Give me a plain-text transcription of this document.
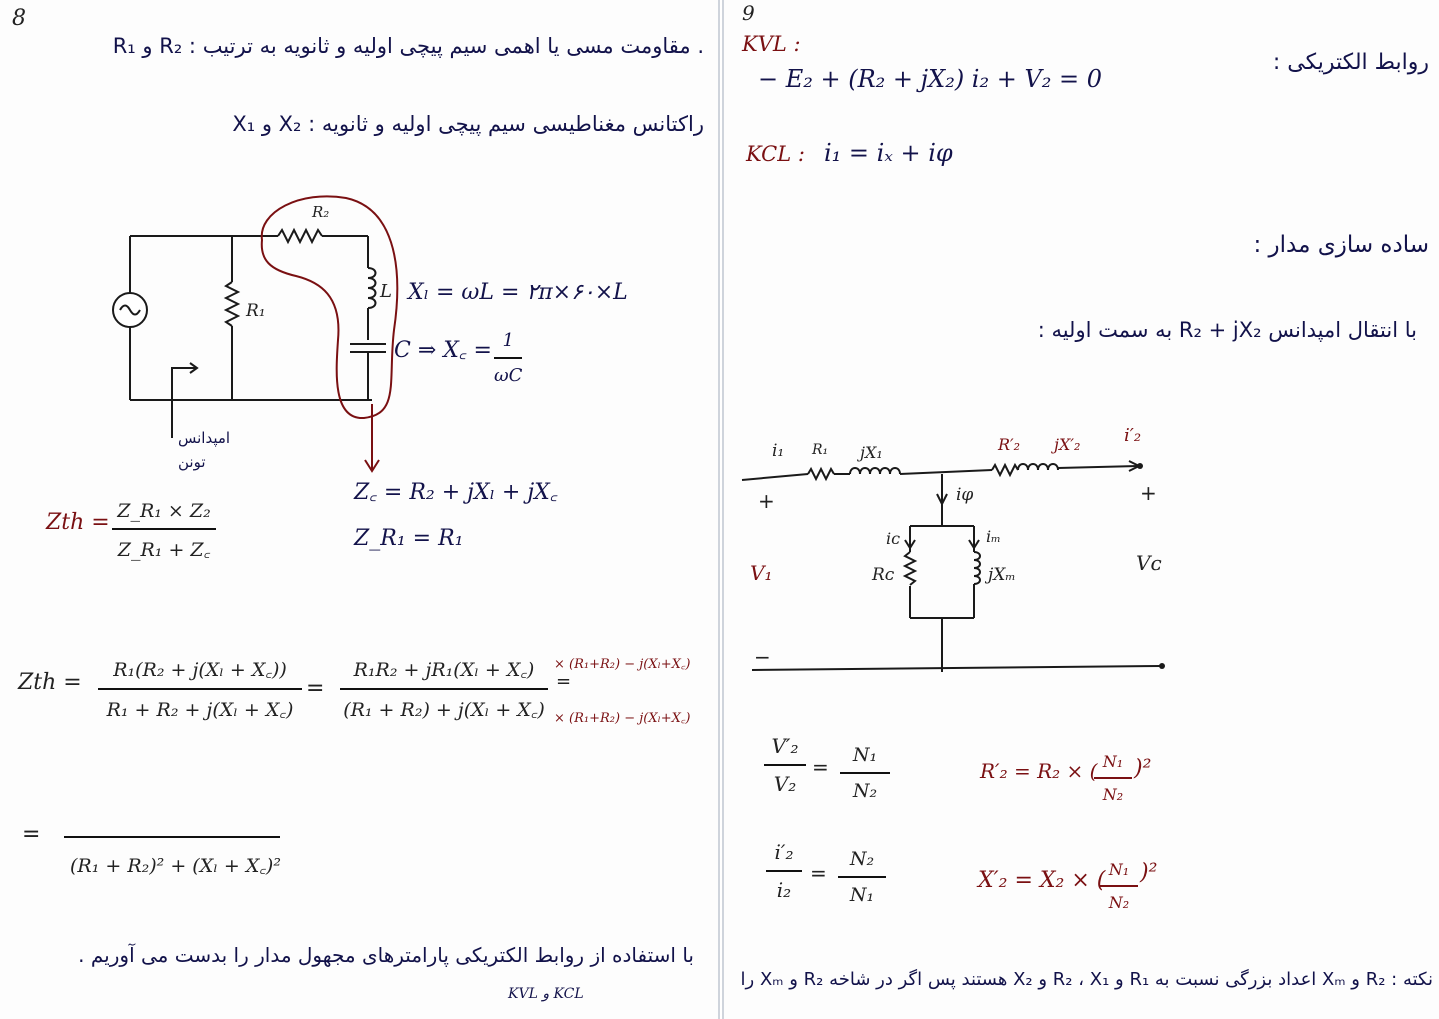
8
R₁ و R₂ : مقاومت مسی یا اهمی سیم پیچی اولیه و ثانویه به ترتیب .
X₁ و X₂ : راکتانس مغناطیسی سیم پیچی اولیه و ثانویه
R₂
R₁
L Xₗ = ωL = ۲π×۶۰×L
C ⇒ X꜀ = 1
ωC
امپدانس
تونن
Z꜀ = R₂ + jXₗ + jX꜀
Z_R₁ = R₁
Zth = Z_R₁ × Z₂
Z_R₁ + Z꜀
Zth = R₁(R₂ + j(Xₗ + X꜀))
R₁ + R₂ + j(Xₗ + X꜀)
=
R₁R₂ + jR₁(Xₗ + X꜀)
(R₁ + R₂) + j(Xₗ + X꜀)
× (R₁+R₂) − j(Xₗ+X꜀)
=
× (R₁+R₂) − j(Xₗ+X꜀)
=
(R₁ + R₂)² + (Xₗ + X꜀)²
با استفاده از روابط الکتریکی پارامترهای مجهول مدار را بدست می آوریم .
KVL و KCL
9
KVL :
روابط الکتریکی :
− E₂ + (R₂ + jX₂) i₂ + V₂ = 0
KCL : i₁ = iₓ + iφ
ساده سازی مدار :
با انتقال امپدانس R₂ + jX₂ به سمت اولیه :
i₁ R₁ jX₁	R′₂ jX′₂ i′₂
iφ
iᴄ	iₘ
Rᴄ	jXₘ
V₁	Vᴄ
+	+
−
V′₂
V₂
= N₁
N₂
R′₂ = R₂ × ( N₁
N₂
)²
i′₂
i₂
=
N₂
N₁
X′₂ = X₂ × ( N₁
N₂
)²
نکته : R₂ و Xₘ اعداد بزرگی نسبت به R₁ و R₂ ، X₁ و X₂ هستند پس اگر در شاخه R₂ و Xₘ را
